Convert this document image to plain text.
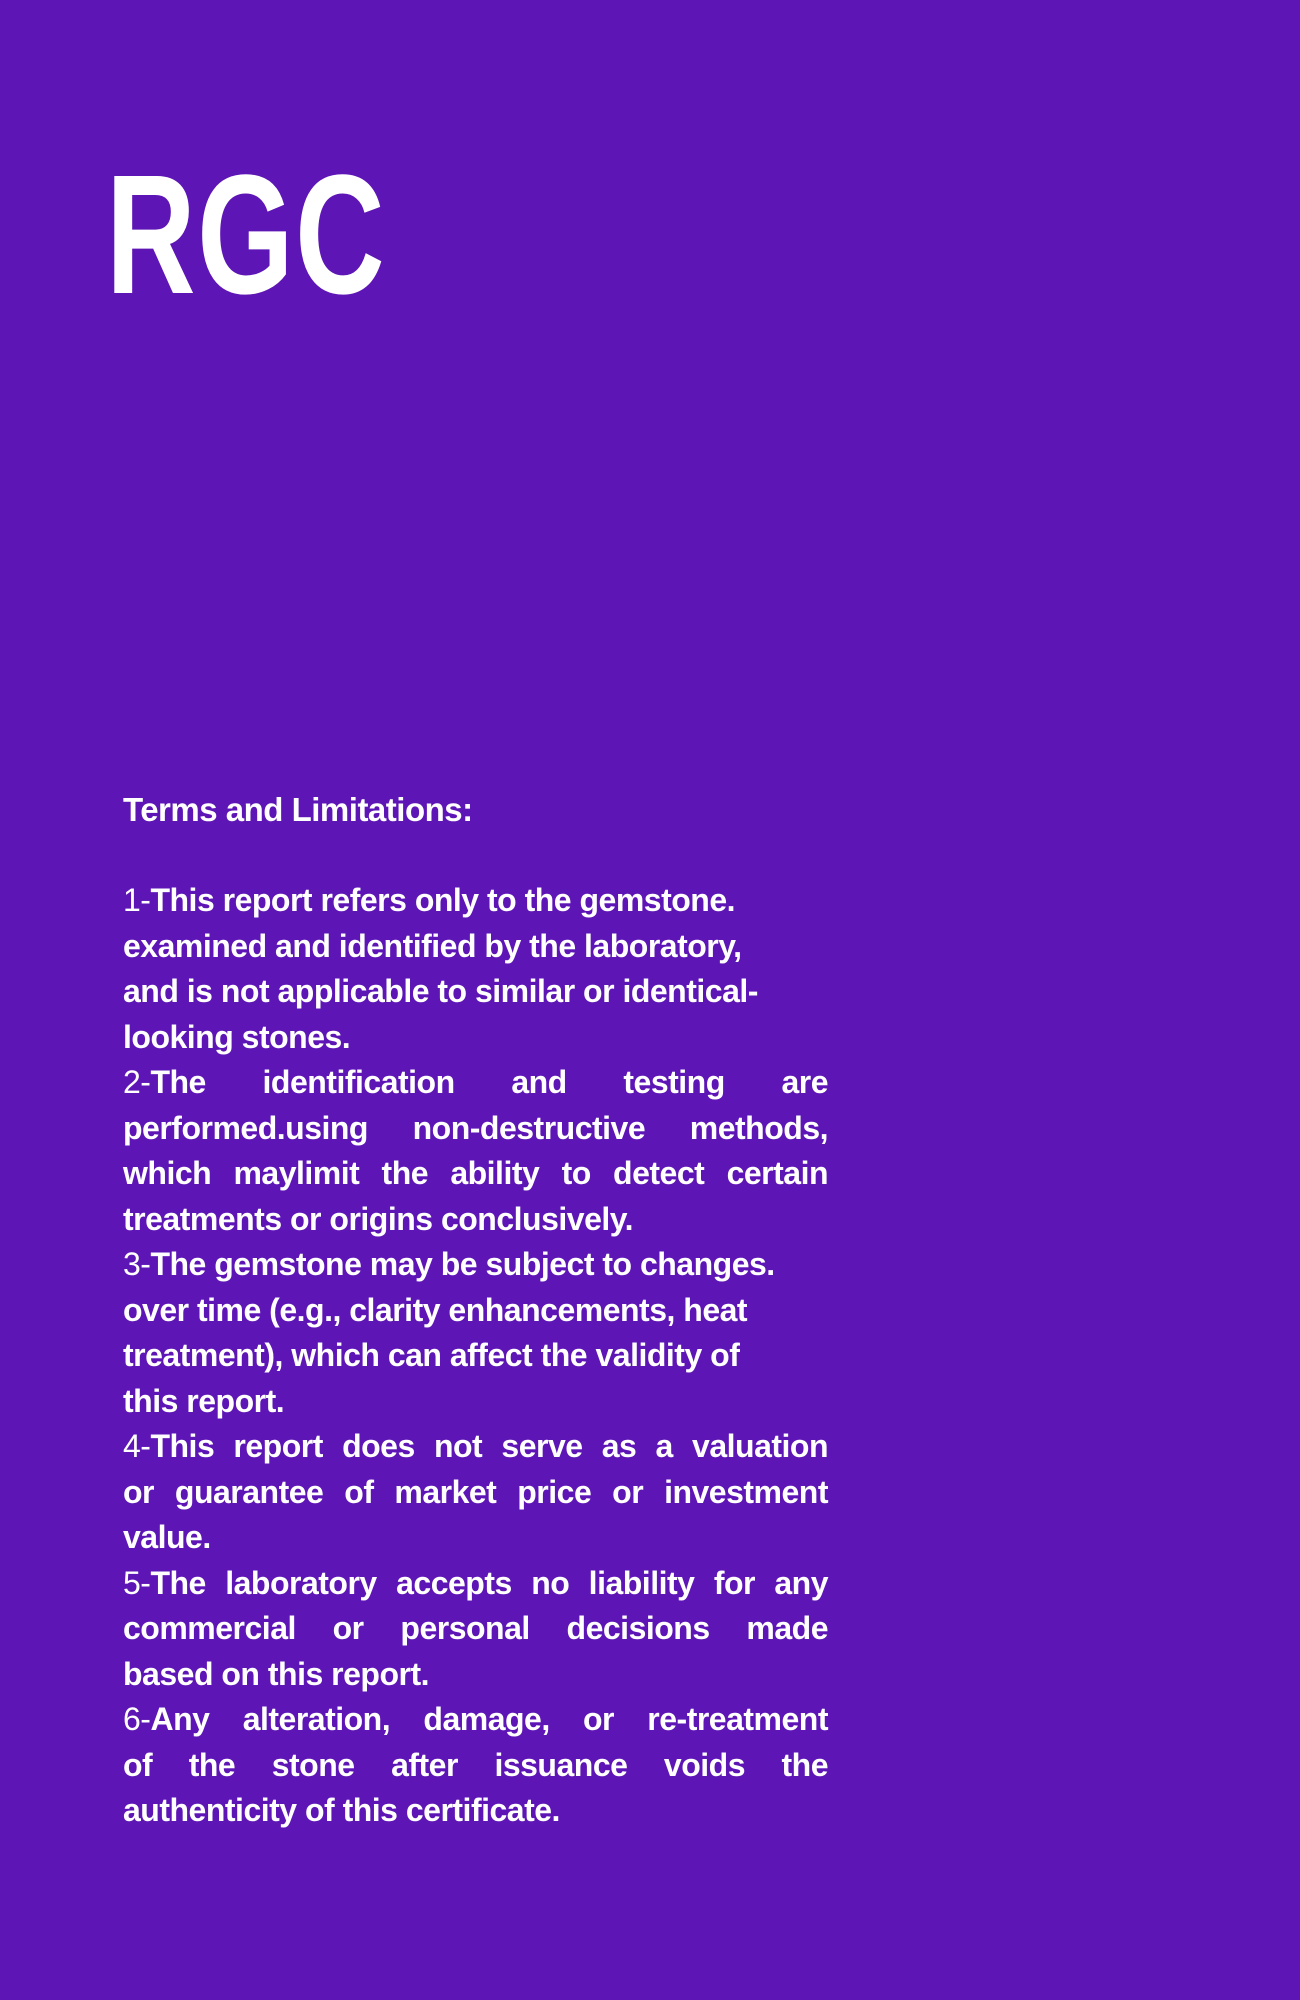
RGC
Terms and Limitations:
1-This report refers only to the gemstone.
examined and identified by the laboratory,
and is not applicable to similar or identical-
looking stones.
2-The identification and testing are
performed.using non-destructive methods,
which maylimit the ability to detect certain
treatments or origins conclusively.
3-The gemstone may be subject to changes.
over time (e.g., clarity enhancements, heat
treatment), which can affect the validity of
this report.
4-This report does not serve as a valuation
or guarantee of market price or investment
value.
5-The laboratory accepts no liability for any
commercial or personal decisions made
based on this report.
6-Any alteration, damage, or re-treatment
of the stone after issuance voids the
authenticity of this certificate.
